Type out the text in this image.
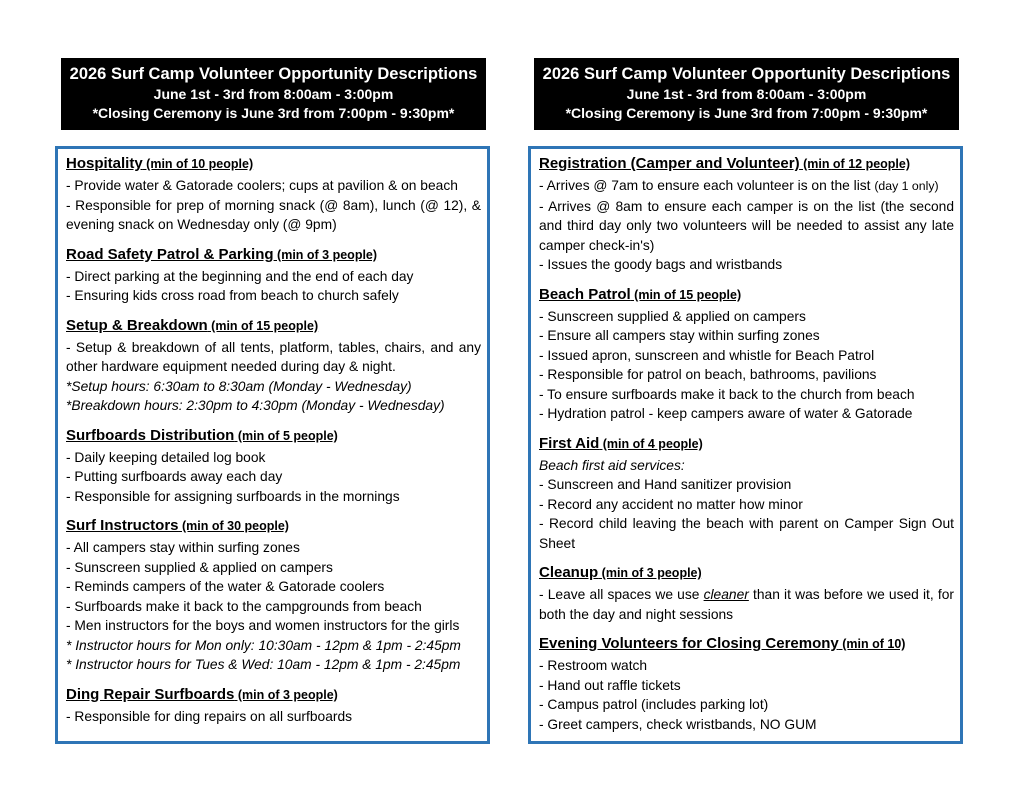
2026 Surf Camp Volunteer Opportunity Descriptions
June 1st - 3rd from 8:00am - 3:00pm
*Closing Ceremony is June 3rd from 7:00pm - 9:30pm*
Hospitality (min of 10 people)
- Provide water & Gatorade coolers; cups at pavilion & on beach
- Responsible for prep of morning snack (@ 8am), lunch (@ 12), & evening snack on Wednesday only (@ 9pm)
Road Safety Patrol & Parking (min of 3 people)
- Direct parking at the beginning and the end of each day
- Ensuring kids cross road from beach to church safely
Setup & Breakdown (min of 15 people)
- Setup & breakdown of all tents, platform, tables, chairs, and any other hardware equipment needed during day & night.
*Setup hours: 6:30am to 8:30am (Monday - Wednesday)
*Breakdown hours: 2:30pm to 4:30pm (Monday - Wednesday)
Surfboards Distribution (min of 5 people)
- Daily keeping detailed log book
- Putting surfboards away each day
- Responsible for assigning surfboards in the mornings
Surf Instructors (min of 30 people)
- All campers stay within surfing zones
- Sunscreen supplied & applied on campers
- Reminds campers of the water & Gatorade coolers
- Surfboards make it back to the campgrounds from beach
- Men instructors for the boys and women instructors for the girls
* Instructor hours for Mon only: 10:30am - 12pm & 1pm - 2:45pm
* Instructor hours for Tues & Wed: 10am - 12pm & 1pm - 2:45pm
Ding Repair Surfboards (min of 3 people)
- Responsible for ding repairs on all surfboards
2026 Surf Camp Volunteer Opportunity Descriptions
June 1st - 3rd from 8:00am - 3:00pm
*Closing Ceremony is June 3rd from 7:00pm - 9:30pm*
Registration (Camper and Volunteer) (min of 12 people)
- Arrives @ 7am to ensure each volunteer is on the list (day 1 only)
- Arrives @ 8am to ensure each camper is on the list (the second and third day only two volunteers will be needed to assist any late camper check-in's)
- Issues the goody bags and wristbands
Beach Patrol (min of 15 people)
- Sunscreen supplied & applied on campers
- Ensure all campers stay within surfing zones
- Issued apron, sunscreen and whistle for Beach Patrol
- Responsible for patrol on beach, bathrooms, pavilions
- To ensure surfboards make it back to the church from beach
- Hydration patrol - keep campers aware of water & Gatorade
First Aid (min of 4 people)
Beach first aid services:
- Sunscreen and Hand sanitizer provision
- Record any accident no matter how minor
- Record child leaving the beach with parent on Camper Sign Out Sheet
Cleanup (min of 3 people)
- Leave all spaces we use cleaner than it was before we used it, for both the day and night sessions
Evening Volunteers for Closing Ceremony (min of 10)
- Restroom watch
- Hand out raffle tickets
- Campus patrol (includes parking lot)
- Greet campers, check wristbands, NO GUM
